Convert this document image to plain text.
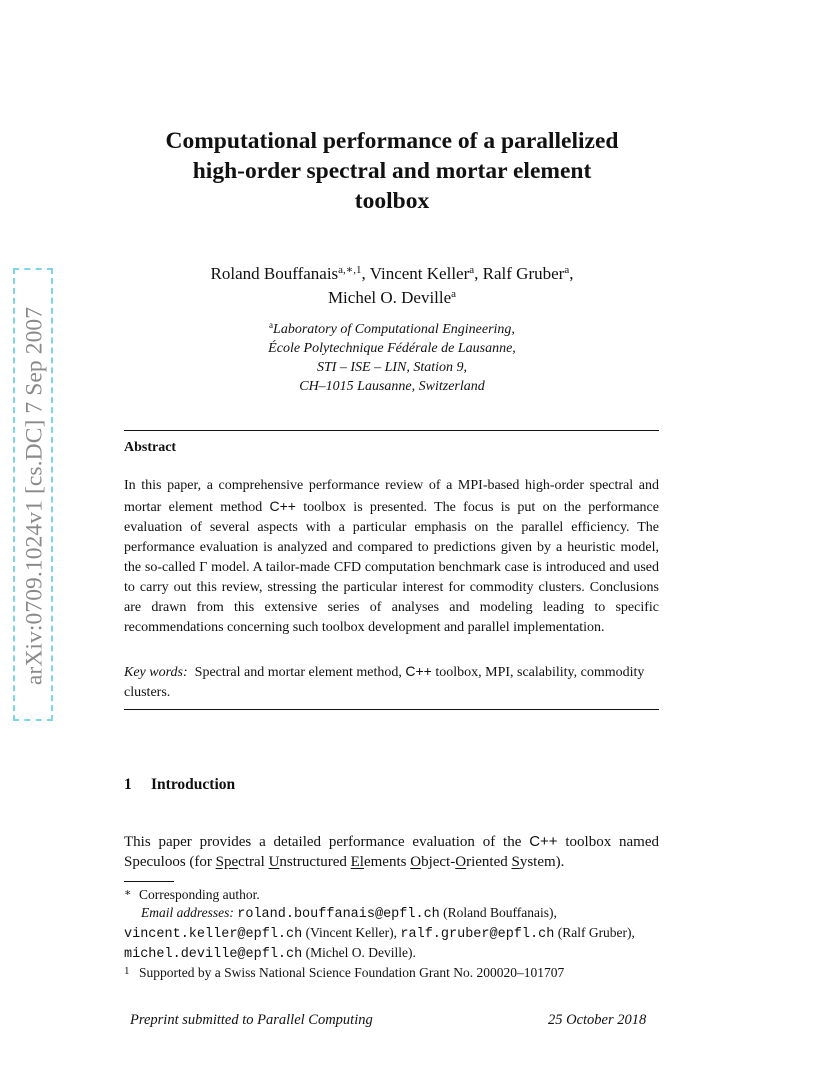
arXiv:0709.1024v1 [cs.DC] 7 Sep 2007
Computational performance of a parallelized
high-order spectral and mortar element
toolbox
Roland Bouffanais$^{a,∗,1}$, Vincent Keller$^a$, Ralf Gruber$^a$,
Michel O. Deville$^a$
$^a$Laboratory of Computational Engineering,
École Polytechnique Fédérale de Lausanne,
STI – ISE – LIN, Station 9,
CH–1015 Lausanne, Switzerland
Abstract
In this paper, a comprehensive performance review of a MPI-based high-order spectral and mortar element method C++ toolbox is presented. The focus is put on the performance evaluation of several aspects with a particular emphasis on the parallel efficiency. The performance evaluation is analyzed and compared to predictions given by a heuristic model, the so-called Γ model. A tailor-made CFD computation benchmark case is introduced and used to carry out this review, stressing the particular interest for commodity clusters. Conclusions are drawn from this extensive series of analyses and modeling leading to specific recommendations concerning such toolbox development and parallel implementation.
Key words: Spectral and mortar element method, C++ toolbox, MPI, scalability, commodity clusters.
1 Introduction
This paper provides a detailed performance evaluation of the C++ toolbox named Speculoos (for Spectral Unstructured Elements Object-Oriented System).
∗ Corresponding author.
Email addresses: roland.bouffanais@epfl.ch (Roland Bouffanais),
vincent.keller@epfl.ch (Vincent Keller), ralf.gruber@epfl.ch (Ralf Gruber), michel.deville@epfl.ch (Michel O. Deville).
1 Supported by a Swiss National Science Foundation Grant No. 200020–101707
Preprint submitted to Parallel Computing	25 October 2018
